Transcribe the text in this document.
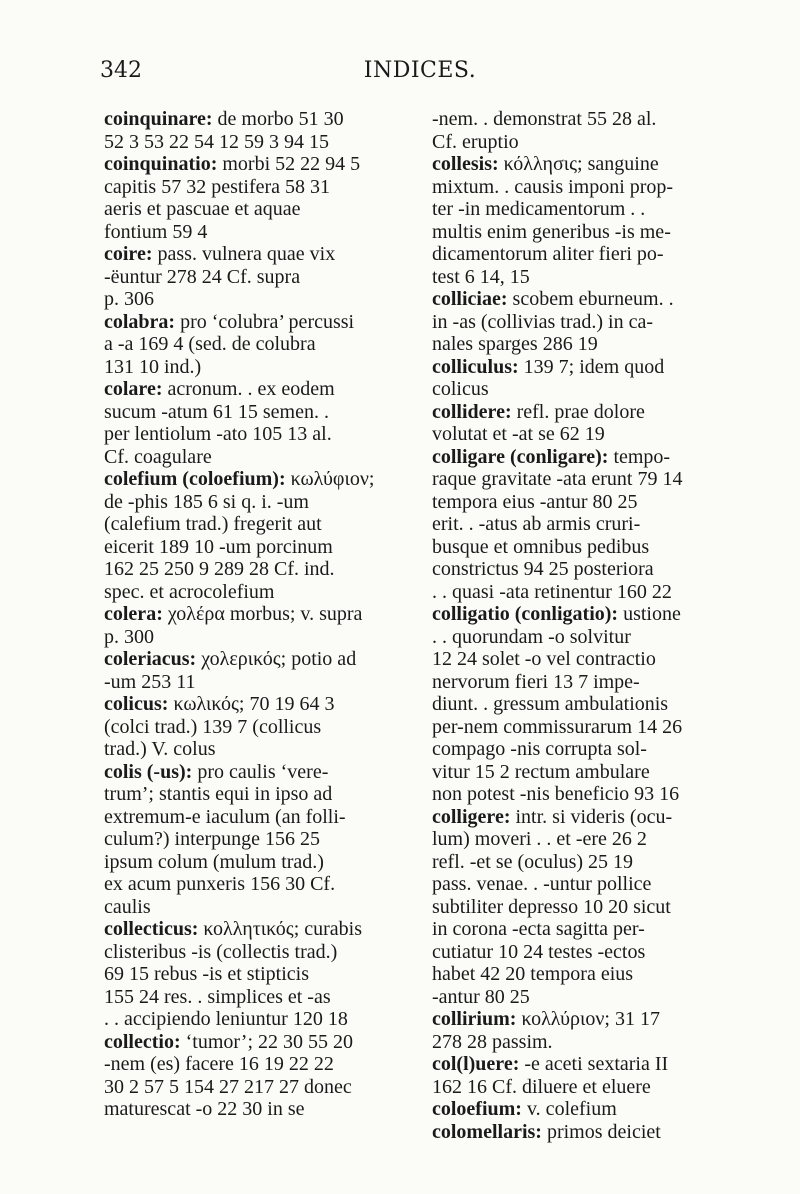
342	INDICES.
coinquinare: de morbo 51 30
52 3 53 22 54 12 59 3 94 15
coinquinatio: morbi 52 22 94 5
capitis 57 32 pestifera 58 31
aeris et pascuae et aquae
fontium 59 4
coire: pass. vulnera quae vix
-ëuntur 278 24 Cf. supra
p. 306
colabra: pro ‘colubra’ percussi
a -a 169 4 (sed. de colubra
131 10 ind.)
colare: acronum. . ex eodem
sucum -atum 61 15 semen. .
per lentiolum -ato 105 13 al.
Cf. coagulare
colefium (coloefium): κωλύφιον;
de -phis 185 6 si q. i. -um
(calefium trad.) fregerit aut
eicerit 189 10 -um porcinum
162 25 250 9 289 28 Cf. ind.
spec. et acrocolefium
colera: χολέρα morbus; v. supra
p. 300
coleriacus: χολερικός; potio ad
-um 253 11
colicus: κωλικός; 70 19 64 3
(colci trad.) 139 7 (collicus
trad.) V. colus
colis (-us): pro caulis ‘vere-
trum’; stantis equi in ipso ad
extremum-e iaculum (an folli-
culum?) interpunge 156 25
ipsum colum (mulum trad.)
ex acum punxeris 156 30 Cf.
caulis
collecticus: κολλητικός; curabis
clisteribus -is (collectis trad.)
69 15 rebus -is et stipticis
155 24 res. . simplices et -as
. . accipiendo leniuntur 120 18
collectio: ‘tumor’; 22 30 55 20
-nem (es) facere 16 19 22 22
30 2 57 5 154 27 217 27 donec
maturescat -o 22 30 in se
-nem. . demonstrat 55 28 al.
Cf. eruptio
collesis: κόλλησις; sanguine
mixtum. . causis imponi prop-
ter -in medicamentorum . .
multis enim generibus -is me-
dicamentorum aliter fieri po-
test 6 14, 15
colliciae: scobem eburneum. .
in -as (collivias trad.) in ca-
nales sparges 286 19
colliculus: 139 7; idem quod
colicus
collidere: refl. prae dolore
volutat et -at se 62 19
colligare (conligare): tempo-
raque gravitate -ata erunt 79 14
tempora eius -antur 80 25
erit. . -atus ab armis cruri-
busque et omnibus pedibus
constrictus 94 25 posteriora
. . quasi -ata retinentur 160 22
colligatio (conligatio): ustione
. . quorundam -o solvitur
12 24 solet -o vel contractio
nervorum fieri 13 7 impe-
diunt. . gressum ambulationis
per-nem commissurarum 14 26
compago -nis corrupta sol-
vitur 15 2 rectum ambulare
non potest -nis beneficio 93 16
colligere: intr. si videris (ocu-
lum) moveri . . et -ere 26 2
refl. -et se (oculus) 25 19
pass. venae. . -untur pollice
subtiliter depresso 10 20 sicut
in corona -ecta sagitta per-
cutiatur 10 24 testes -ectos
habet 42 20 tempora eius
-antur 80 25
collirium: κολλύριον; 31 17
278 28 passim.
col(l)uere: -e aceti sextaria II
162 16 Cf. diluere et eluere
coloefium: v. colefium
colomellaris: primos deiciet
